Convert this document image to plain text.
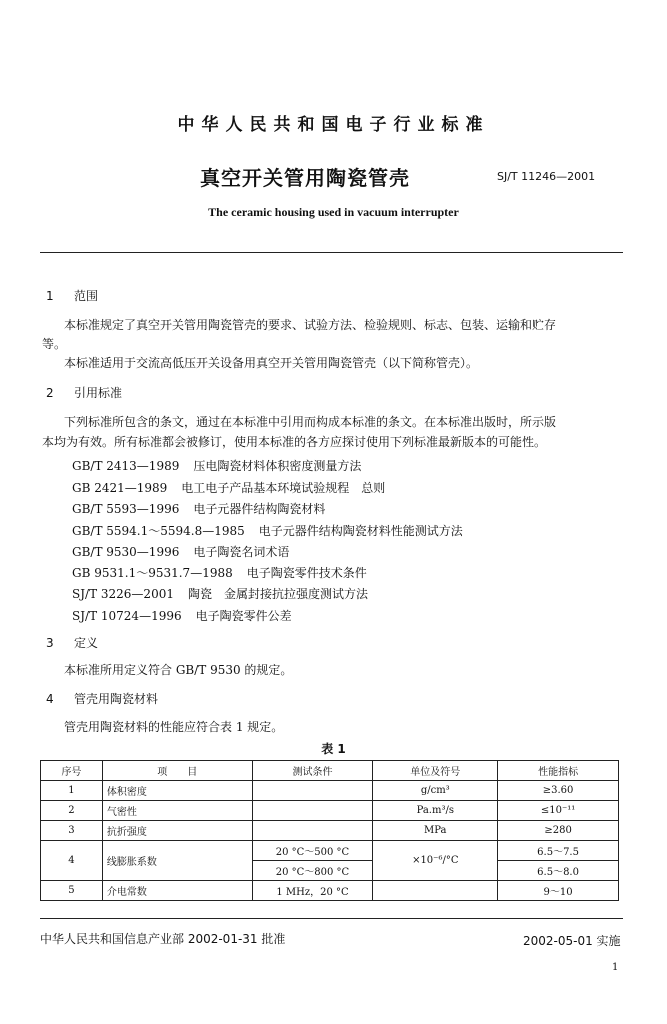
中华人民共和国电子行业标准
真空开关管用陶瓷管壳	SJ/T 11246—2001
The ceramic housing used in vacuum interrupter
1 范围
本标准规定了真空开关管用陶瓷管壳的要求、试验方法、检验规则、标志、包装、运输和贮存
等。
本标准适用于交流高低压开关设备用真空开关管用陶瓷管壳（以下简称管壳）。
2 引用标准
下列标准所包含的条文，通过在本标准中引用而构成本标准的条文。在本标准出版时，所示版
本均为有效。所有标准都会被修订，使用本标准的各方应探讨使用下列标准最新版本的可能性。
GB/T 2413—1989 压电陶瓷材料体积密度测量方法
GB 2421—1989 电工电子产品基本环境试验规程　总则
GB/T 5593—1996 电子元器件结构陶瓷材料
GB/T 5594.1～5594.8—1985 电子元器件结构陶瓷材料性能测试方法
GB/T 9530—1996 电子陶瓷名词术语
GB 9531.1～9531.7—1988 电子陶瓷零件技术条件
SJ/T 3226—2001 陶瓷　金属封接抗拉强度测试方法
SJ/T 10724—1996 电子陶瓷零件公差
3 定义
本标准所用定义符合 GB/T 9530 的规定。
4 管壳用陶瓷材料
管壳用陶瓷材料的性能应符合表 1 规定。
表 1
序号	项　　目	测试条件	单位及符号	性能指标
1	体积密度		g/cm³	≥3.60
2	气密性		Pa.m³/s	≤10⁻¹¹
3	抗折强度		MPa	≥280
4	线膨胀系数	20 °C～500 °C	×10⁻⁶/°C	6.5～7.5
		20 °C～800 °C		6.5～8.0
5	介电常数	1 MHz，20 °C		9～10
中华人民共和国信息产业部 2002-01-31 批准	2002-05-01 实施
1
